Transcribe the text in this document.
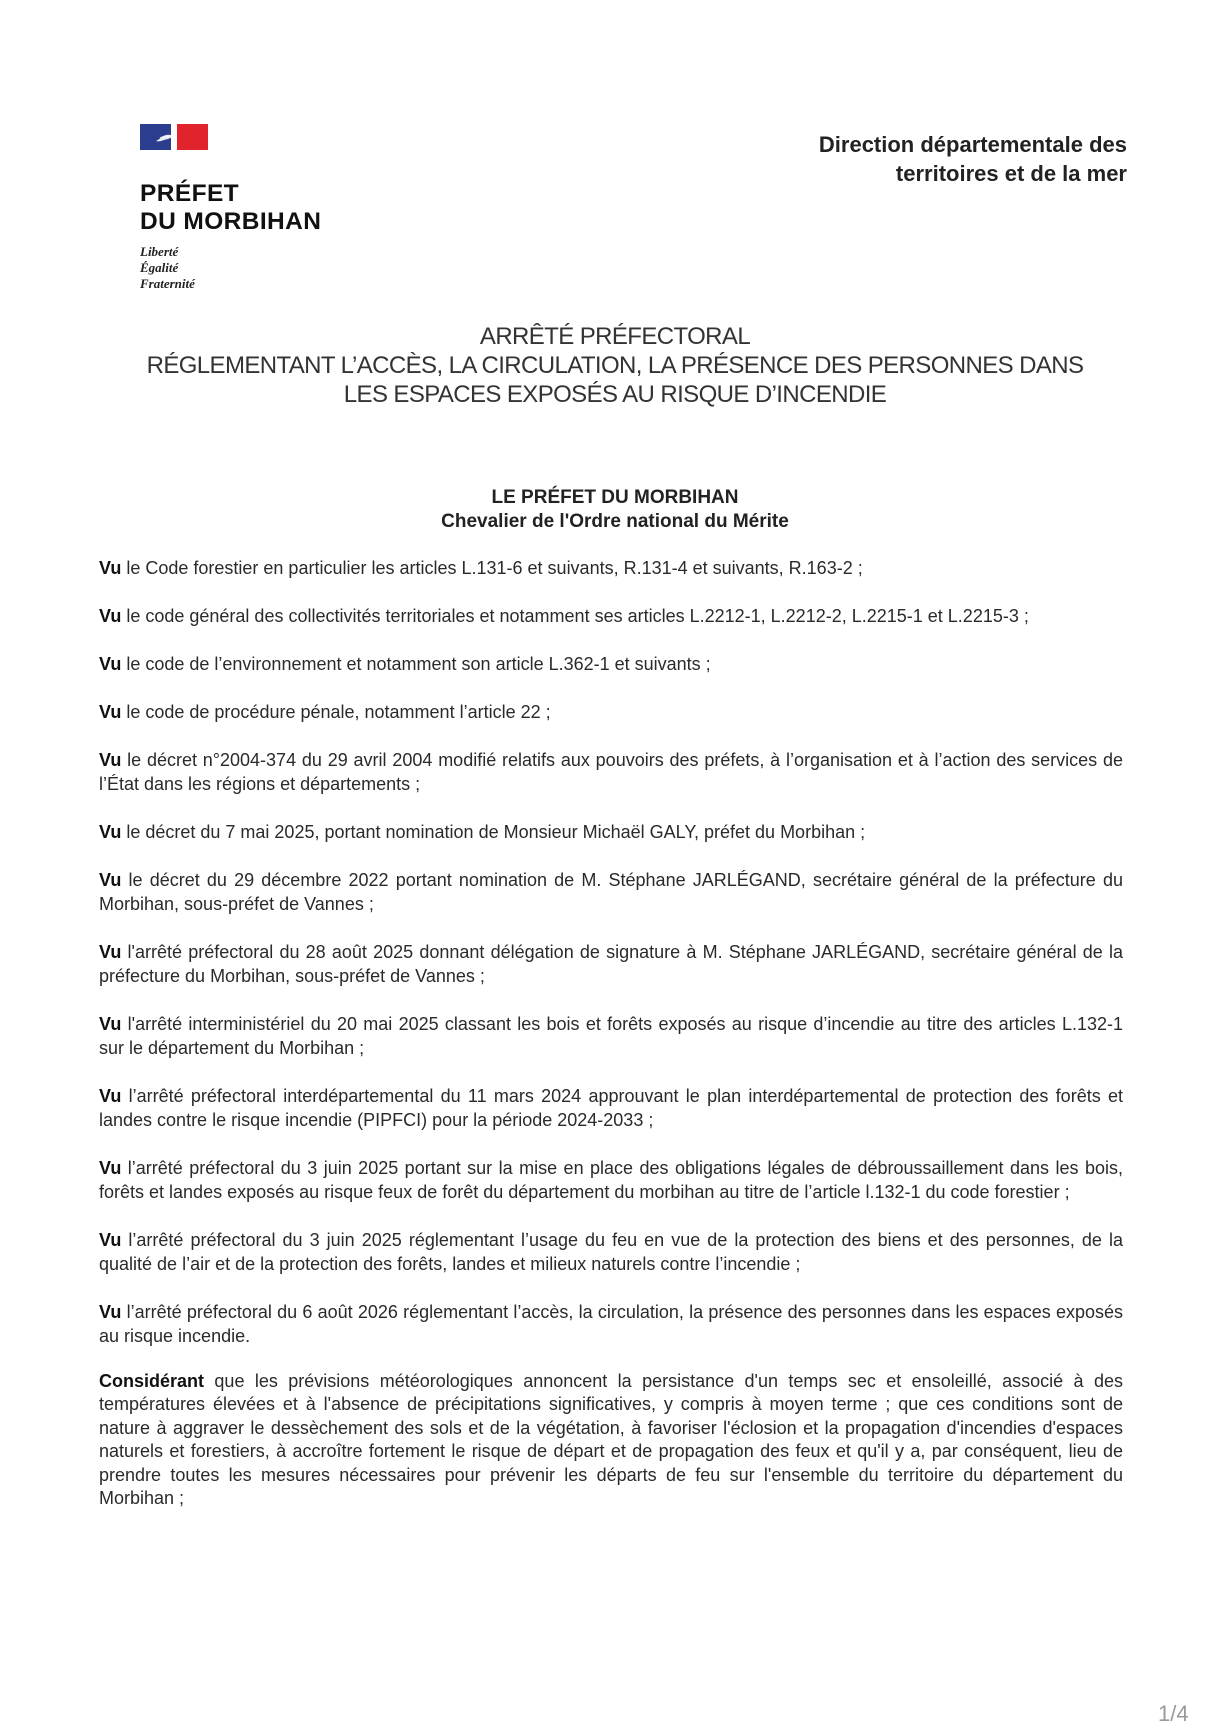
PRÉFET
DU MORBIHAN
Liberté
Égalité
Fraternité
Direction départementale des
territoires et de la mer
ARRÊTÉ PRÉFECTORAL
RÉGLEMENTANT L’ACCÈS, LA CIRCULATION, LA PRÉSENCE DES PERSONNES DANS
LES ESPACES EXPOSÉS AU RISQUE D’INCENDIE
LE PRÉFET DU MORBIHAN
Chevalier de l'Ordre national du Mérite

Vu le Code forestier en particulier les articles L.131-6 et suivants, R.131-4 et suivants, R.163-2 ;

Vu le code général des collectivités territoriales et notamment ses articles L.2212-1, L.2212-2, L.2215-1 et L.2215-3 ;

Vu le code de l’environnement et notamment son article L.362-1 et suivants ;

Vu le code de procédure pénale, notamment l’article 22 ;

Vu le décret n°2004-374 du 29 avril 2004 modifié relatifs aux pouvoirs des préfets, à l’organisation et à l’action des services de l’État dans les régions et départements ;

Vu le décret du 7 mai 2025, portant nomination de Monsieur Michaël GALY, préfet du Morbihan ;

Vu le décret du 29 décembre 2022 portant nomination de M. Stéphane JARLÉGAND, secrétaire général de la préfecture du Morbihan, sous-préfet de Vannes ;

Vu l'arrêté préfectoral du 28 août 2025 donnant délégation de signature à M. Stéphane JARLÉGAND, secrétaire général de la préfecture du Morbihan, sous-préfet de Vannes ;

Vu l'arrêté interministériel du 20 mai 2025 classant les bois et forêts exposés au risque d’incendie au titre des articles L.132-1 sur le département du Morbihan ;

Vu l’arrêté préfectoral interdépartemental du 11 mars 2024 approuvant le plan interdépartemental de protection des forêts et landes contre le risque incendie (PIPFCI) pour la période 2024-2033 ;

Vu l’arrêté préfectoral du 3 juin 2025 portant sur la mise en place des obligations légales de débroussaillement dans les bois, forêts et landes exposés au risque feux de forêt du département du morbihan au titre de l’article l.132-1 du code forestier ;

Vu l’arrêté préfectoral du 3 juin 2025 réglementant l’usage du feu en vue de la protection des biens et des personnes, de la qualité de l’air et de la protection des forêts, landes et milieux naturels contre l’incendie ;

Vu l’arrêté préfectoral du 6 août 2026 réglementant l’accès, la circulation, la présence des personnes dans les espaces exposés au risque incendie.

Considérant que les prévisions météorologiques annoncent la persistance d'un temps sec et ensoleillé, associé à des températures élevées et à l'absence de précipitations significatives, y compris à moyen terme ; que ces conditions sont de nature à aggraver le dessèchement des sols et de la végétation, à favoriser l'éclosion et la propagation d'incendies d'espaces naturels et forestiers, à accroître fortement le risque de départ et de propagation des feux et qu'il y a, par conséquent, lieu de prendre toutes les mesures nécessaires pour prévenir les départs de feu sur l'ensemble du territoire du département du Morbihan ;

1/4
